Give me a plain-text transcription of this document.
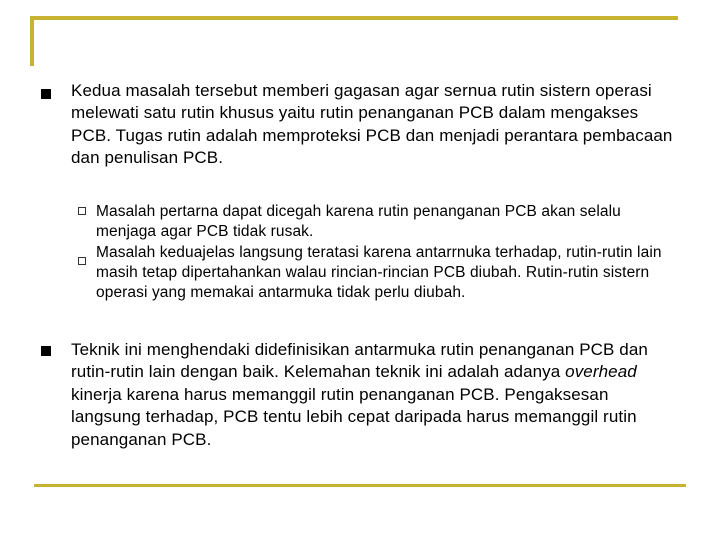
Kedua masalah tersebut memberi gagasan agar sernua rutin sistern operasi melewati satu rutin khusus yaitu rutin penanganan PCB dalam mengakses PCB. Tugas rutin adalah memproteksi PCB dan menjadi perantara pembacaan dan penulisan PCB.
Masalah pertarna dapat dicegah karena rutin penanganan PCB akan selalu menjaga agar PCB tidak rusak.
Masalah keduajelas langsung teratasi karena antarrnuka terhadap, rutin‑rutin lain masih tetap dipertahankan walau rincian‑rincian PCB diubah. Rutin‑rutin sistern operasi yang memakai antarmuka tidak perlu diubah.
Teknik ini menghendaki didefinisikan antarmuka rutin penanganan PCB dan rutin‑rutin lain dengan baik. Kelemahan teknik ini adalah adanya overhead kinerja karena harus memanggil rutin penanganan PCB. Pengaksesan langsung terhadap, PCB tentu lebih cepat daripada harus memanggil rutin penanganan PCB.
